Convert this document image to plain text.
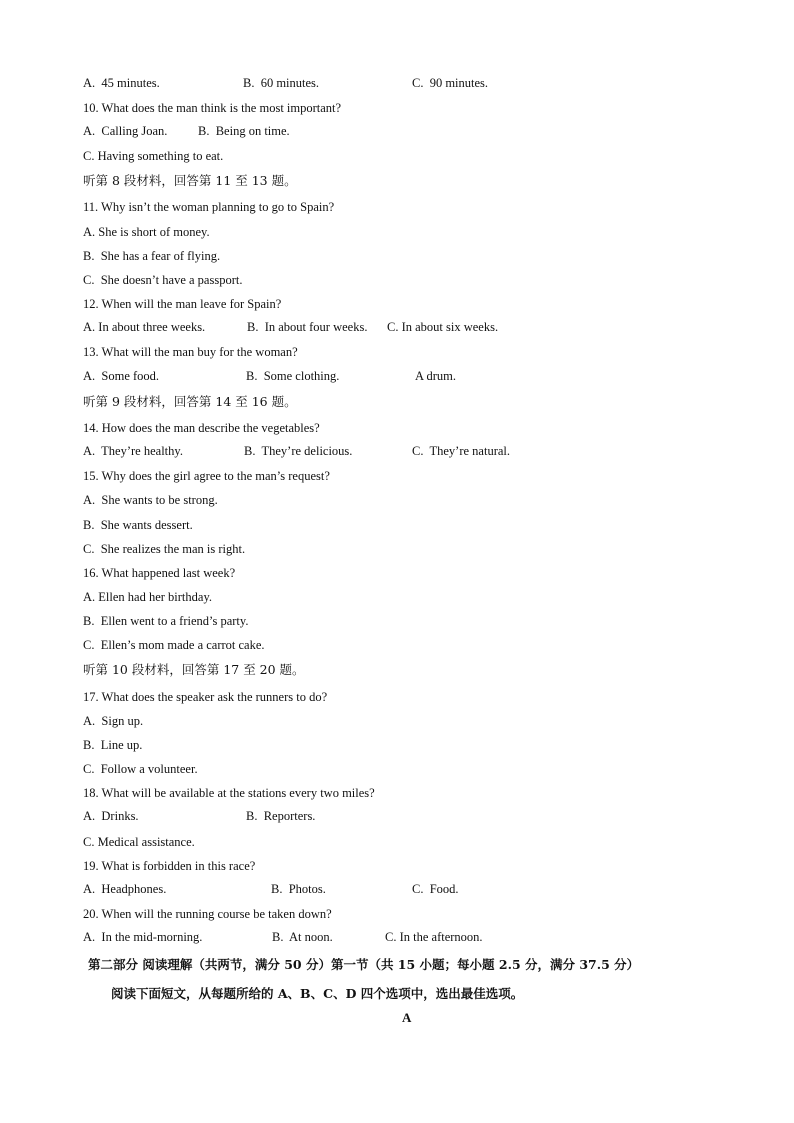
A.  45 minutes.	B.  60 minutes.	C.  90 minutes.
10. What does the man think is the most important?
A.  Calling Joan. B.  Being on time.
C. Having something to eat.
听第 8 段材料，回答第 11 至 13 题。
11. Why isn’t the woman planning to go to Spain?
A. She is short of money.
B.  She has a fear of flying.
C.  She doesn’t have a passport.
12. When will the man leave for Spain?
A. In about three weeks.	B.  In about four weeks. C. In about six weeks.
13. What will the man buy for the woman?
A.  Some food.	B.  Some clothing.	A drum.
听第 9 段材料，回答第 14 至 16 题。
14. How does the man describe the vegetables?
A.  They’re healthy.	B.  They’re delicious.	C.  They’re natural.
15. Why does the girl agree to the man’s request?
A.  She wants to be strong.
B.  She wants dessert.
C.  She realizes the man is right.
16. What happened last week?
A. Ellen had her birthday.
B.  Ellen went to a friend’s party.
C.  Ellen’s mom made a carrot cake.
听第 10 段材料，回答第 17 至 20 题。
17. What does the speaker ask the runners to do?
A.  Sign up.
B.  Line up.
C.  Follow a volunteer.
18. What will be available at the stations every two miles?
A.  Drinks.	B.  Reporters.
C. Medical assistance.
19. What is forbidden in this race?
A.  Headphones.	B.  Photos.	C.  Food.
20. When will the running course be taken down?
A.  In the mid-morning.	B.  At noon.	C. In the afternoon.
第二部分 阅读理解（共两节，满分 50 分）第一节（共 15 小题；每小题 2.5 分，满分 37.5 分）
阅读下面短文，从每题所给的 A、B、C、D 四个选项中，选出最佳选项。
A
